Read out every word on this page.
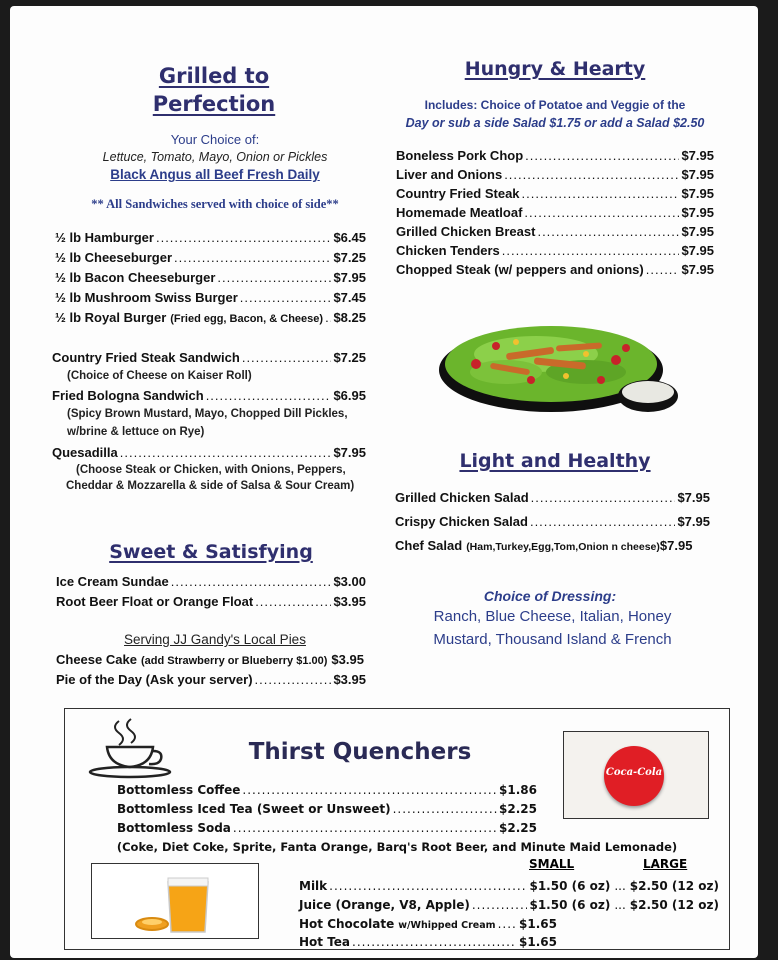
Grilled to
Perfection
Your Choice of:
Lettuce, Tomato, Mayo, Onion or Pickles
Black Angus all Beef Fresh Daily
** All Sandwiches served with choice of side**
½ lb Hamburger .....	$6.45
½ lb Cheeseburger .....	$7.25
½ lb Bacon Cheeseburger .....	$7.95
½ lb Mushroom Swiss Burger .....	$7.45
½ lb Royal Burger (Fried egg, Bacon, & Cheese) ..... $8.25
Country Fried Steak Sandwich .....	$7.25
(Choice of Cheese on Kaiser Roll)
Fried Bologna Sandwich .....	$6.95
(Spicy Brown Mustard, Mayo, Chopped Dill Pickles,
w/brine & lettuce on Rye)
Quesadilla .....	$7.95
(Choose Steak or Chicken, with Onions, Peppers,
Cheddar & Mozzarella & side of Salsa & Sour Cream)
Sweet & Satisfying
Ice Cream Sundae .....	$3.00
Root Beer Float or Orange Float .....	$3.95
Serving JJ Gandy's Local Pies
Cheese Cake (add Strawberry or Blueberry $1.00) $3.95
Pie of the Day (Ask your server) .....	$3.95
Hungry & Hearty
Includes: Choice of Potatoe and Veggie of the
Day or sub a side Salad $1.75 or add a Salad $2.50
Boneless Pork Chop .....	$7.95
Liver and Onions .....	$7.95
Country Fried Steak .....	$7.95
Homemade Meatloaf .....	$7.95
Grilled Chicken Breast .....	$7.95
Chicken Tenders .....	$7.95
Chopped Steak (w/ peppers and onions) .....	$7.95
Light and Healthy
Grilled Chicken Salad .....	$7.95
Crispy Chicken Salad .....	$7.95
Chef Salad (Ham,Turkey,Egg,Tom,Onion n cheese) $7.95
Choice of Dressing:
Ranch, Blue Cheese, Italian, Honey
Mustard, Thousand Island & French
Thirst Quenchers
Coca-Cola
Bottomless Coffee .....	$1.86
Bottomless Iced Tea (Sweet or Unsweet) .....	$2.25
Bottomless Soda .....	$2.25
(Coke, Diet Coke, Sprite, Fanta Orange, Barq's Root Beer, and Minute Maid Lemonade)
SMALL	LARGE
Milk .....	$1.50 (6 oz) ... $2.50 (12 oz)
Juice (Orange, V8, Apple) .....	$1.50 (6 oz) ... $2.50 (12 oz)
Hot Chocolate w/Whipped Cream ..... $1.65
Hot Tea .....	$1.65
